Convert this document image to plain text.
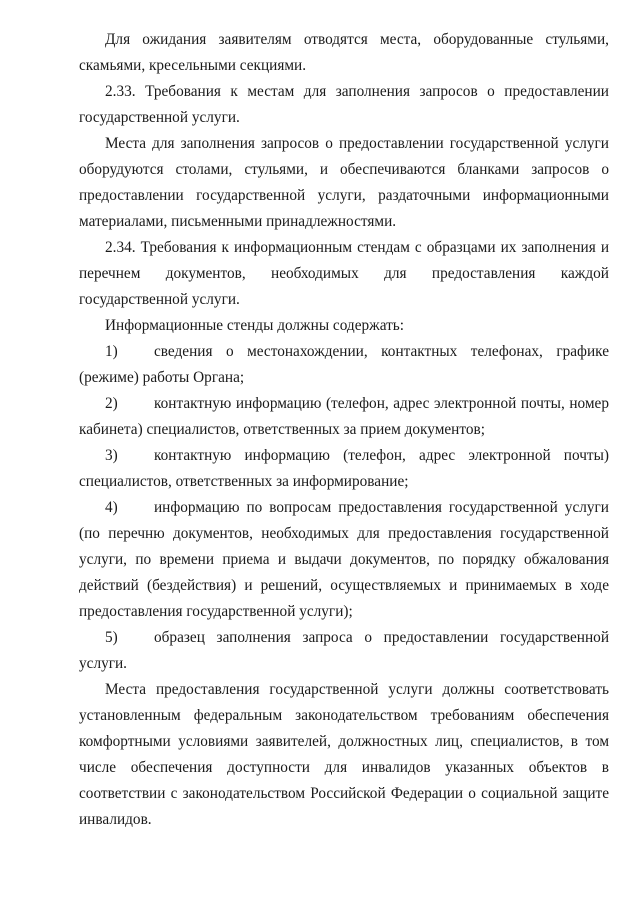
Для ожидания заявителям отводятся места, оборудованные стульями, скамьями, кресельными секциями.

2.33. Требования к местам для заполнения запросов о предоставлении государственной услуги.

Места для заполнения запросов о предоставлении государственной услуги оборудуются столами, стульями, и обеспечиваются бланками запросов о предоставлении государственной услуги, раздаточными информационными материалами, письменными принадлежностями.

2.34. Требования к информационным стендам с образцами их заполнения и перечнем документов, необходимых для предоставления каждой государственной услуги.

Информационные стенды должны содержать:

1) сведения о местонахождении, контактных телефонах, графике (режиме) работы Органа;

2) контактную информацию (телефон, адрес электронной почты, номер кабинета) специалистов, ответственных за прием документов;

3) контактную информацию (телефон, адрес электронной почты) специалистов, ответственных за информирование;

4) информацию по вопросам предоставления государственной услуги (по перечню документов, необходимых для предоставления государственной услуги, по времени приема и выдачи документов, по порядку обжалования действий (бездействия) и решений, осуществляемых и принимаемых в ходе предоставления государственной услуги);

5) образец заполнения запроса о предоставлении государственной услуги.

Места предоставления государственной услуги должны соответствовать установленным федеральным законодательством требованиям обеспечения комфортными условиями заявителей, должностных лиц, специалистов, в том числе обеспечения доступности для инвалидов указанных объектов в соответствии с законодательством Российской Федерации о социальной защите инвалидов.
